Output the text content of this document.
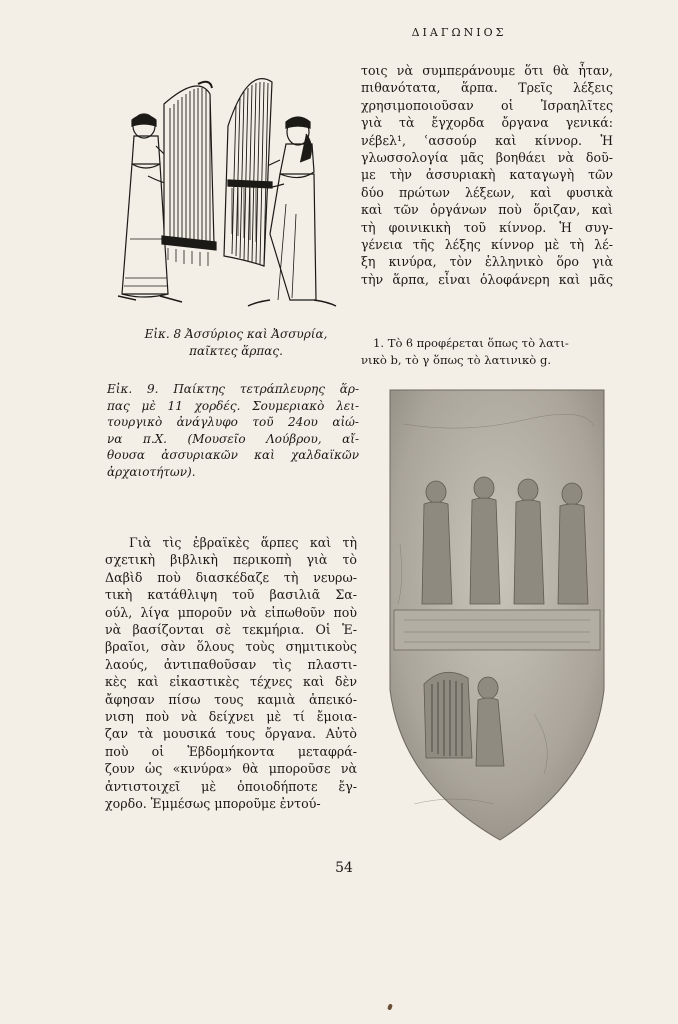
ΔΙΑΓΩΝΙΟΣ
Εἰκ. 8 Ἀσσύριος καὶ Ἀσσυρία,
παῖκτες ἅρπας.
Εἰκ. 9. Παίκτης τετράπλευρης ἅρ-
πας μὲ 11 χορδές. Σουμεριακὸ λει-
τουργικὸ ἀνάγλυφο τοῦ 24ου αἰώ-
να π.Χ. (Μουσεῖο Λούβρου, αἴ-
θουσα ἀσσυριακῶν καὶ χαλδαϊκῶν
ἀρχαιοτήτων).
τοις νὰ συμπεράνουμε ὅτι θὰ ἦταν,
πιθανότατα, ἅρπα. Τρεῖς λέξεις
χρησιμοποιοῦσαν οἱ Ἰσραηλῖτες
γιὰ τὰ ἔγχορδα ὄργανα γενικά:
νέβελ¹, ʿασσούρ καὶ κίννορ. Ἡ
γλωσσολογία μᾶς βοηθάει νὰ δοῦ-
με τὴν ἀσσυριακὴ καταγωγὴ τῶν
δύο πρώτων λέξεων, καὶ φυσικὰ
καὶ τῶν ὀργάνων ποὺ ὅριζαν, καὶ
τὴ φοινικικὴ τοῦ κίννορ. Ἡ συγ-
γένεια τῆς λέξης κίννορ μὲ τὴ λέ-
ξη κινύρα, τὸν ἑλληνικὸ ὅρο γιὰ
τὴν ἅρπα, εἶναι ὁλοφάνερη καὶ μᾶς
1. Τὸ ϐ προφέρεται ὅπως τὸ λατι-
νικὸ b, τὸ γ ὅπως τὸ λατινικὸ g.
Γιὰ τὶς ἑβραϊκὲς ἅρπες καὶ τὴ
σχετικὴ βιβλικὴ περικοπὴ γιὰ τὸ
Δαβὶδ ποὺ διασκέδαζε τὴ νευρω-
τικὴ κατάθλιψη τοῦ βασιλιᾶ Σα-
ούλ, λίγα μποροῦν νὰ εἰπωθοῦν ποὺ
νὰ βασίζονται σὲ τεκμήρια. Οἱ Ἑ-
βραῖοι, σὰν ὅλους τοὺς σημιτικοὺς
λαούς, ἀντιπαθοῦσαν τὶς πλαστι-
κὲς καὶ εἰκαστικὲς τέχνες καὶ δὲν
ἄφησαν πίσω τους καμιὰ ἀπεικό-
νιση ποὺ νὰ δείχνει μὲ τί ἔμοια-
ζαν τὰ μουσικά τους ὄργανα. Αὐτὸ
ποὺ οἱ Ἑβδομήκοντα μεταφρά-
ζουν ὡς «κινύρα» θὰ μποροῦσε νὰ
ἀντιστοιχεῖ μὲ ὁποιοδήποτε ἔγ-
χορδο. Ἐμμέσως μποροῦμε ἐντού-
54
